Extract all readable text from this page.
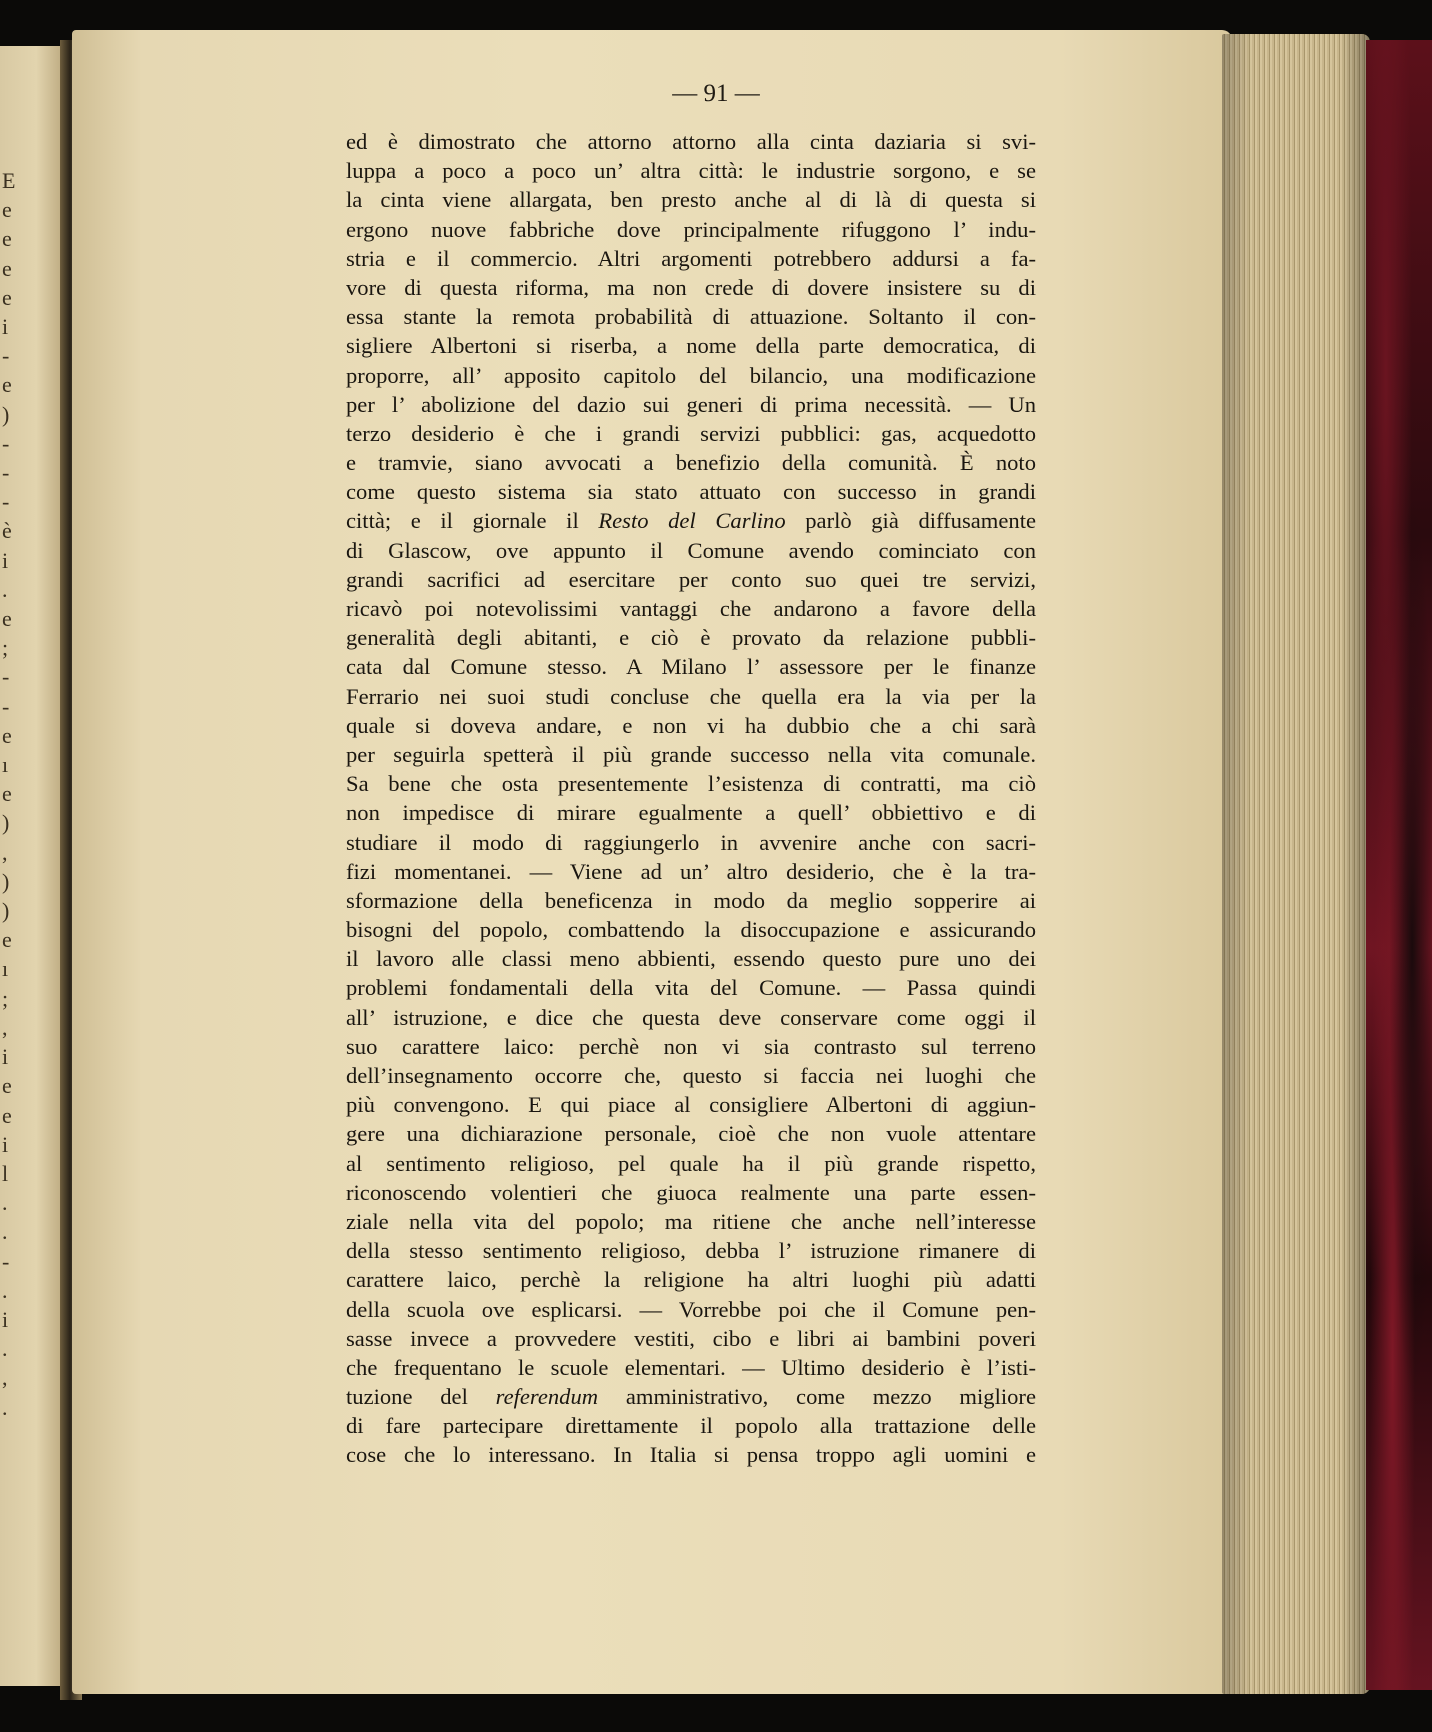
E
e
e
e
e
i
-
e
)
-
-
-
è
i
.
e
;
-
-
e
ı
e
)
,
)
)
e
ı
;
,
i
e
e
i
l
.
.
-
.
i
.
,
.
— 91 —
ed è dimostrato che attorno attorno alla cinta daziaria si svi-
luppa a poco a poco un’ altra città: le industrie sorgono, e se
la cinta viene allargata, ben presto anche al di là di questa si
ergono nuove fabbriche dove principalmente rifuggono l’ indu-
stria e il commercio. Altri argomenti potrebbero addursi a fa-
vore di questa riforma, ma non crede di dovere insistere su di
essa stante la remota probabilità di attuazione. Soltanto il con-
sigliere Albertoni si riserba, a nome della parte democratica, di
proporre, all’ apposito capitolo del bilancio, una modificazione
per l’ abolizione del dazio sui generi di prima necessità. — Un
terzo desiderio è che i grandi servizi pubblici: gas, acquedotto
e tramvie, siano avvocati a benefizio della comunità. È noto
come questo sistema sia stato attuato con successo in grandi
città; e il giornale il Resto del Carlino parlò già diffusamente
di Glascow, ove appunto il Comune avendo cominciato con
grandi sacrifici ad esercitare per conto suo quei tre servizi,
ricavò poi notevolissimi vantaggi che andarono a favore della
generalità degli abitanti, e ciò è provato da relazione pubbli-
cata dal Comune stesso. A Milano l’ assessore per le finanze
Ferrario nei suoi studi concluse che quella era la via per la
quale si doveva andare, e non vi ha dubbio che a chi sarà
per seguirla spetterà il più grande successo nella vita comunale.
Sa bene che osta presentemente l’esistenza di contratti, ma ciò
non impedisce di mirare egualmente a quell’ obbiettivo e di
studiare il modo di raggiungerlo in avvenire anche con sacri-
fizi momentanei. — Viene ad un’ altro desiderio, che è la tra-
sformazione della beneficenza in modo da meglio sopperire ai
bisogni del popolo, combattendo la disoccupazione e assicurando
il lavoro alle classi meno abbienti, essendo questo pure uno dei
problemi fondamentali della vita del Comune. — Passa quindi
all’ istruzione, e dice che questa deve conservare come oggi il
suo carattere laico: perchè non vi sia contrasto sul terreno
dell’insegnamento occorre che, questo si faccia nei luoghi che
più convengono. E qui piace al consigliere Albertoni di aggiun-
gere una dichiarazione personale, cioè che non vuole attentare
al sentimento religioso, pel quale ha il più grande rispetto,
riconoscendo volentieri che giuoca realmente una parte essen-
ziale nella vita del popolo; ma ritiene che anche nell’interesse
della stesso sentimento religioso, debba l’ istruzione rimanere di
carattere laico, perchè la religione ha altri luoghi più adatti
della scuola ove esplicarsi. — Vorrebbe poi che il Comune pen-
sasse invece a provvedere vestiti, cibo e libri ai bambini poveri
che frequentano le scuole elementari. — Ultimo desiderio è l’isti-
tuzione del referendum amministrativo, come mezzo migliore
di fare partecipare direttamente il popolo alla trattazione delle
cose che lo interessano. In Italia si pensa troppo agli uomini e
